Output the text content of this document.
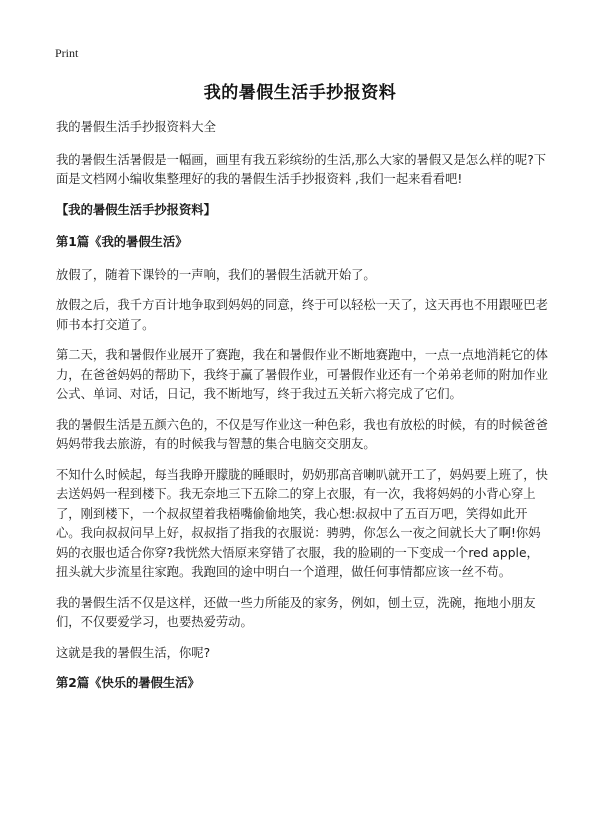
Print
我的暑假生活手抄报资料

我的暑假生活手抄报资料大全

我的暑假生活暑假是一幅画，画里有我五彩缤纷的生活,那么大家的暑假又是怎么样的呢?下面是文档网小编收集整理好的我的暑假生活手抄报资料 ,我们一起来看看吧!

【我的暑假生活手抄报资料】

第1篇《我的暑假生活》

放假了，随着下课铃的一声响，我们的暑假生活就开始了。

放假之后，我千方百计地争取到妈妈的同意，终于可以轻松一天了，这天再也不用跟哑巴老师书本打交道了。

第二天，我和暑假作业展开了赛跑，我在和暑假作业不断地赛跑中，一点一点地消耗它的体力，在爸爸妈妈的帮助下，我终于赢了暑假作业，可暑假作业还有一个弟弟老师的附加作业公式、单词、对话，日记，我不断地写，终于我过五关斩六将完成了它们。

我的暑假生活是五颜六色的，不仅是写作业这一种色彩，我也有放松的时候，有的时候爸爸妈妈带我去旅游，有的时候我与智慧的集合电脑交交朋友。

不知什么时候起，每当我睁开朦胧的睡眼时，奶奶那高音喇叭就开工了，妈妈要上班了，快去送妈妈一程到楼下。我无奈地三下五除二的穿上衣服，有一次，我将妈妈的小背心穿上了，刚到楼下，一个叔叔望着我梧嘴偷偷地笑，我心想:叔叔中了五百万吧，笑得如此开心。我向叔叔问早上好，叔叔指了指我的衣服说：骋骋，你怎么一夜之间就长大了啊!你妈妈的衣服也适合你穿?我恍然大悟原来穿错了衣服，我的脸刷的一下变成一个red apple，扭头就大步流星往家跑。我跑回的途中明白一个道理，做任何事情都应该一丝不苟。

我的暑假生活不仅是这样，还做一些力所能及的家务，例如，刨土豆，洗碗，拖地小朋友们，不仅要爱学习，也要热爱劳动。

这就是我的暑假生活，你呢?

第2篇《快乐的暑假生活》
